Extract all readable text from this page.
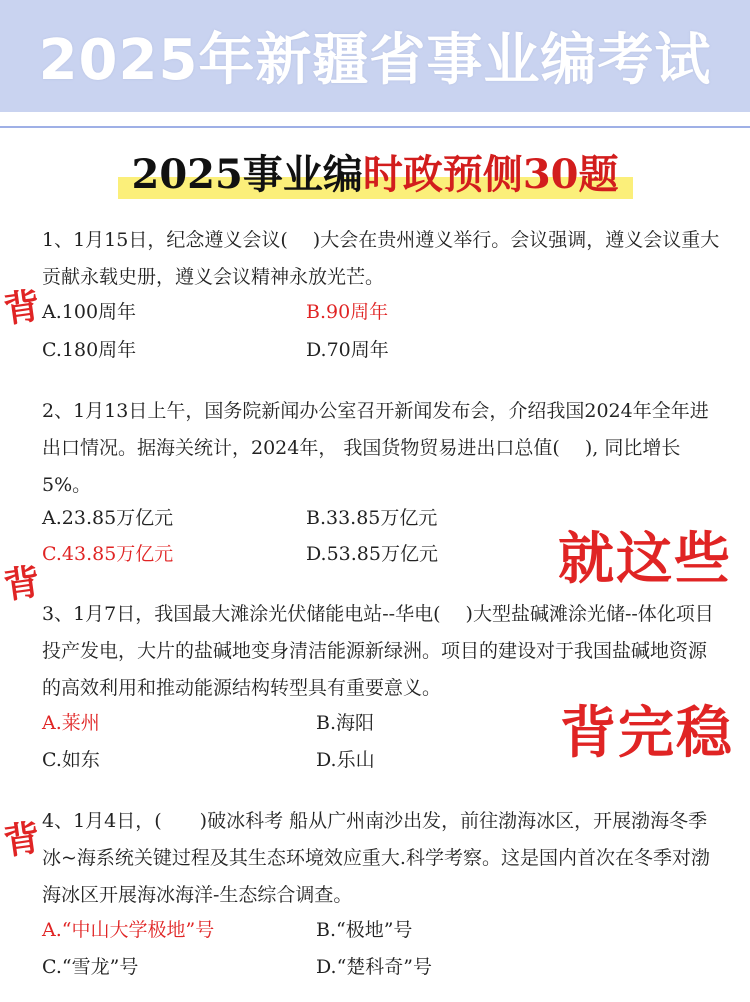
2025年新疆省事业编考试
2025事业编时政预侧30题
1、1月15日，纪念遵义会议(　 )大会在贵州遵义举行。会议强调，遵义会议重大贡献永载史册，遵义会议精神永放光芒。
A.100周年	B.90周年
C.180周年	D.70周年
2、1月13日上午，国务院新闻办公室召开新闻发布会，介绍我国2024年全年进出口情况。据海关统计，2024年， 我国货物贸易进出口总值(　 ), 同比增长5%。
A.23.85万亿元	B.33.85万亿元
C.43.85万亿元	D.53.85万亿元
3、1月7日，我国最大滩涂光伏储能电站--华电(　 )大型盐碱滩涂光储--体化项目投产发电，大片的盐碱地变身清洁能源新绿洲。项目的建设对于我国盐碱地资源的高效利用和推动能源结构转型具有重要意义。
A.莱州	B.海阳
C.如东	D.乐山
4、1月4日，(　　)破冰科考 船从广州南沙出发，前往渤海冰区，开展渤海冬季冰~海系统关键过程及其生态环境效应重大.科学考察。这是国内首次在冬季对渤海冰区开展海冰海洋-生态综合调查。
A.“中山大学极地”号	B.“极地”号
C.“雪龙”号	D.“楚科奇”号
背
背
背
就这些
背完稳
